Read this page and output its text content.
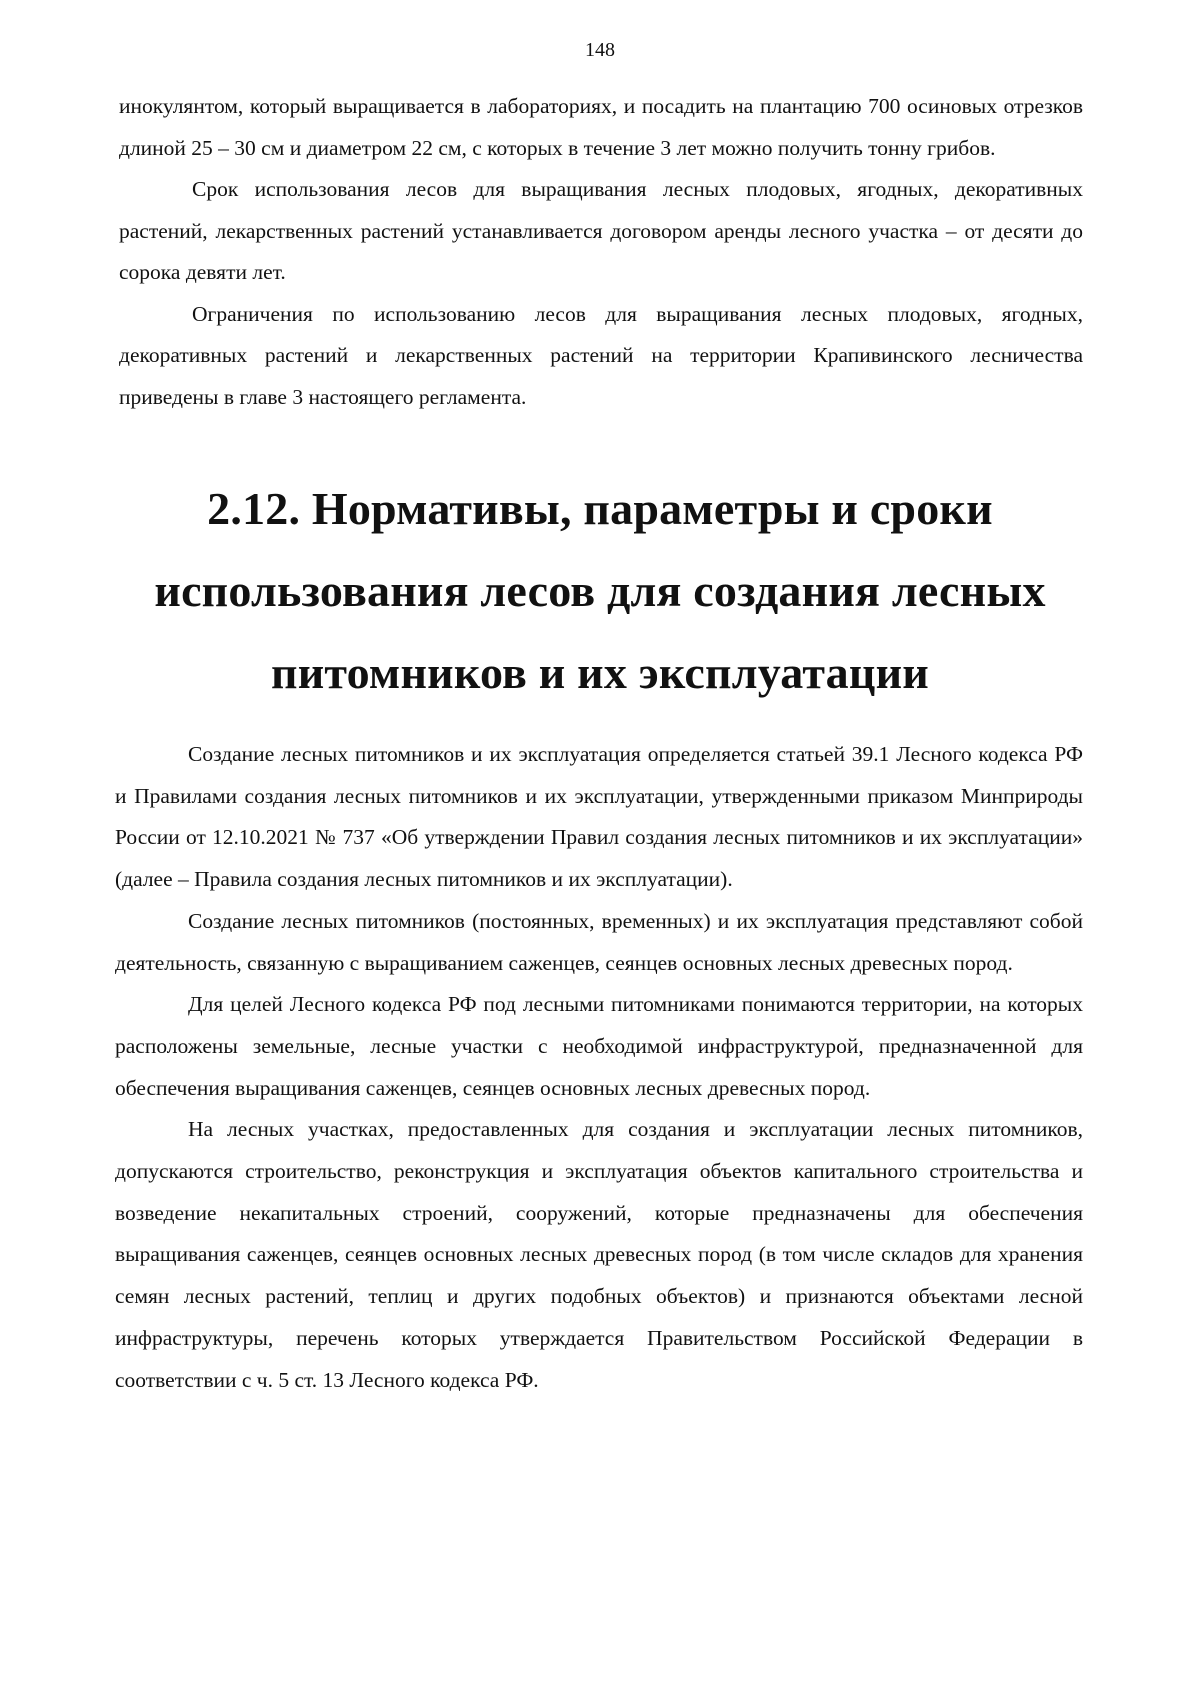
148

инокулянтом, который выращивается в лабораториях, и посадить на плантацию 700 осиновых отрезков длиной 25 – 30 см и диаметром 22 см, с которых в течение 3 лет можно получить тонну грибов.

Срок использования лесов для выращивания лесных плодовых, ягодных, декоративных растений, лекарственных растений устанавливается договором аренды лесного участка – от десяти до сорока девяти лет.

Ограничения по использованию лесов для выращивания лесных плодовых, ягодных, декоративных растений и лекарственных растений на территории Крапивинского лесничества приведены в главе 3 настоящего регламента.

2.12. Нормативы, параметры и сроки использования лесов для создания лесных питомников и их эксплуатации

Создание лесных питомников и их эксплуатация определяется статьей 39.1 Лесного кодекса РФ и Правилами создания лесных питомников и их эксплуатации, утвержденными приказом Минприроды России от 12.10.2021 № 737 «Об утверждении Правил создания лесных питомников и их эксплуатации» (далее – Правила создания лесных питомников и их эксплуатации).

Создание лесных питомников (постоянных, временных) и их эксплуатация представляют собой деятельность, связанную с выращиванием саженцев, сеянцев основных лесных древесных пород.

Для целей Лесного кодекса РФ под лесными питомниками понимаются территории, на которых расположены земельные, лесные участки с необходимой инфраструктурой, предназначенной для обеспечения выращивания саженцев, сеянцев основных лесных древесных пород.

На лесных участках, предоставленных для создания и эксплуатации лесных питомников, допускаются строительство, реконструкция и эксплуатация объектов капитального строительства и возведение некапитальных строений, сооружений, которые предназначены для обеспечения выращивания саженцев, сеянцев основных лесных древесных пород (в том числе складов для хранения семян лесных растений, теплиц и других подобных объектов) и признаются объектами лесной инфраструктуры, перечень которых утверждается Правительством Российской Федерации в соответствии с ч. 5 ст. 13 Лесного кодекса РФ.
